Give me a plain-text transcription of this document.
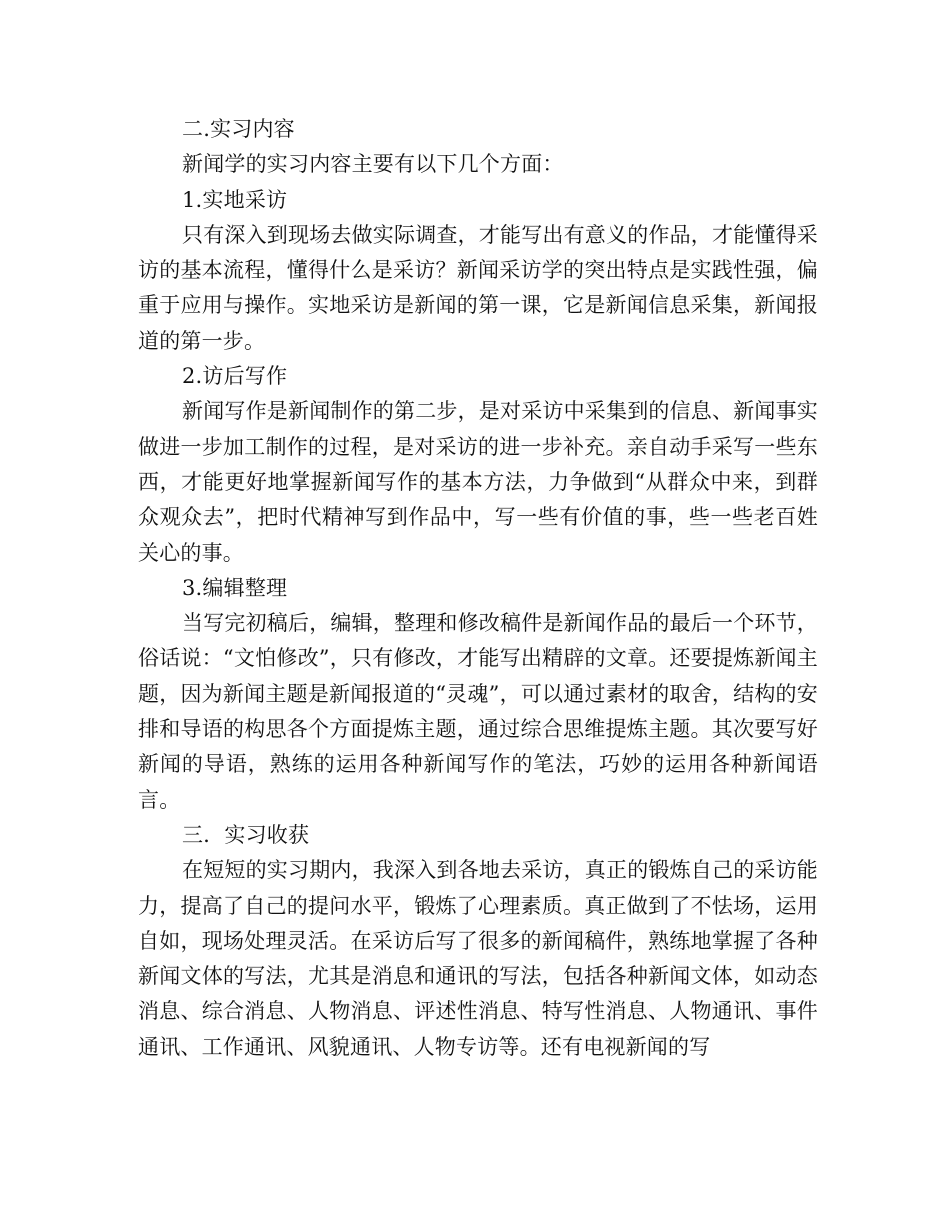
二.实习内容

新闻学的实习内容主要有以下几个方面：

1.实地采访

只有深入到现场去做实际调查，才能写出有意义的作品，才能懂得采访的基本流程，懂得什么是采访？新闻采访学的突出特点是实践性强，偏重于应用与操作。实地采访是新闻的第一课，它是新闻信息采集，新闻报道的第一步。

2.访后写作

新闻写作是新闻制作的第二步，是对采访中采集到的信息、新闻事实做进一步加工制作的过程，是对采访的进一步补充。亲自动手采写一些东西，才能更好地掌握新闻写作的基本方法，力争做到“从群众中来，到群众观众去”，把时代精神写到作品中，写一些有价值的事，些一些老百姓关心的事。

3.编辑整理

当写完初稿后，编辑，整理和修改稿件是新闻作品的最后一个环节，俗话说：“文怕修改”，只有修改，才能写出精辟的文章。还要提炼新闻主题，因为新闻主题是新闻报道的“灵魂”，可以通过素材的取舍，结构的安排和导语的构思各个方面提炼主题，通过综合思维提炼主题。其次要写好新闻的导语，熟练的运用各种新闻写作的笔法，巧妙的运用各种新闻语言。

三．实习收获

在短短的实习期内，我深入到各地去采访，真正的锻炼自己的采访能力，提高了自己的提问水平，锻炼了心理素质。真正做到了不怯场，运用自如，现场处理灵活。在采访后写了很多的新闻稿件，熟练地掌握了各种新闻文体的写法，尤其是消息和通讯的写法，包括各种新闻文体，如动态消息、综合消息、人物消息、评述性消息、特写性消息、人物通讯、事件通讯、工作通讯、风貌通讯、人物专访等。还有电视新闻的写
